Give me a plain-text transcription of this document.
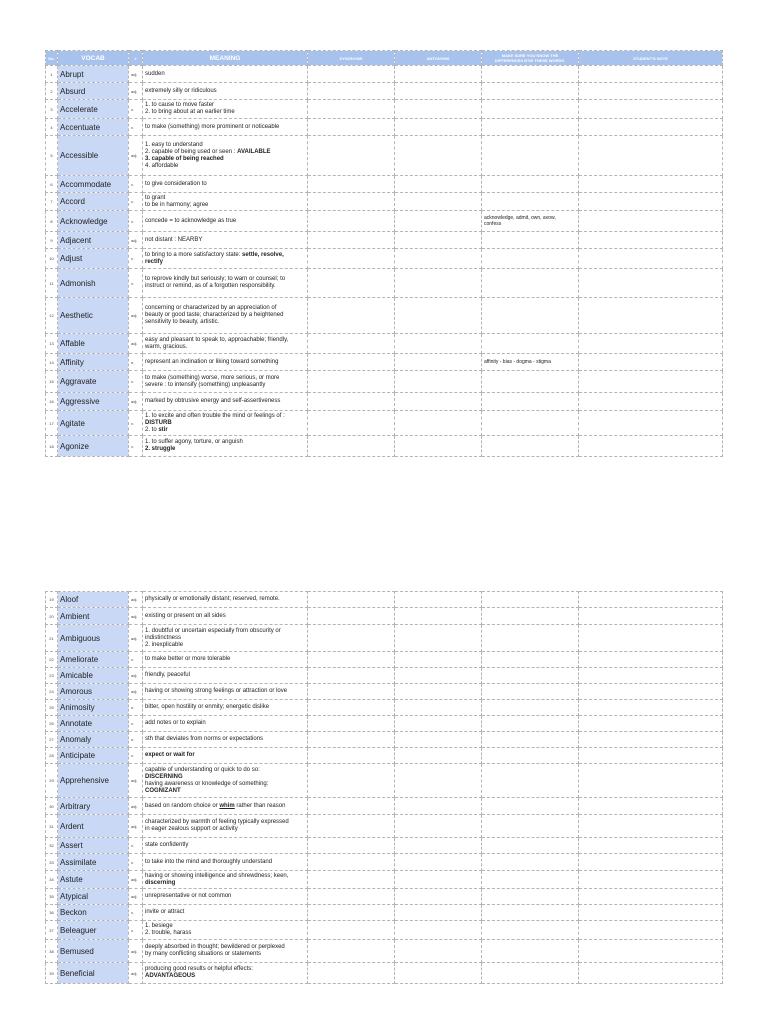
No.	VOCAB	#	MEANING	SYNONYMS	ANTONYMS	MAKE SURE YOU KNOW THE
DIFFERENCES BTW THESE WORDS.	STUDENT'S NOTE
1	Abrupt	adj.	sudden				

2	Absurd	adj.	extremely silly or ridiculous				

3	Accelerate	v.	1. to cause to move faster
2. to bring about at an earlier time				

4	Accentuate	v.	to make (something) more prominent or noticeable				

5	Accessible	adj.	1. easy to understand
2. capable of being used or seen : AVAILABLE
3. capable of being reached
4. affordable				

6	Accommodate	v.	to give consideration to				

7	Accord	v.	to grant
to be in harmony; agree				

8	Acknowledge	v.	concede = to acknowledge as true			acknowledge, admit, own, avow,
confess	

9	Adjacent	adj.	not distant : NEARBY				

10	Adjust	v.	to bring to a more satisfactory state: settle, resolve,
rectify				

11	Admonish	v.	to reprove kindly but seriously; to warn or counsel; to
instruct or remind, as of a forgotten responsibility.				

12	Aesthetic	adj.	concerning or characterized by an appreciation of
beauty or good taste; characterized by a heightened
sensitivity to beauty, artistic.				

13	Affable	adj.	easy and pleasant to speak to, approachable; friendly,
warm, gracious.				

14	Affinity	n.	represent an inclination or liking toward something			affinity - bias - dogma - stigma	

15	Aggravate	v.	to make (something) worse, more serious, or more
severe : to intensify (something) unpleasantly				

16	Aggressive	adj.	marked by obtrusive energy and self-assertiveness				

17	Agitate	v.	1. to excite and often trouble the mind or feelings of :
DISTURB
2. to stir				

18	Agonize	v.	1. to suffer agony, torture, or anguish
2. struggle				

19	Aloof	adj.	physically or emotionally distant; reserved, remote.				

20	Ambient	adj.	existing or present on all sides				

21	Ambiguous	adj.	1. doubtful or uncertain especially from obscurity or
indistinctness
2. inexplicable				

22	Ameliorate	v.	to make better or more tolerable				

23	Amicable	adj.	friendly, peaceful				

24	Amorous	adj.	having or showing strong feelings or attraction or love				

25	Animosity	n.	bitter, open hostility or enmity; energetic dislike				

26	Annotate	v.	add notes or to explain				

27	Anomaly	n.	sth that deviates from norms or expectations				

28	Anticipate	v.	expect or wait for				

29	Apprehensive	adj.	capable of understanding or quick to do so:
DISCERNING
having awareness or knowledge of something:
COGNIZANT				

30	Arbitrary	adj.	based on random choice or whim rather than reason				

31	Ardent	adj.	characterized by warmth of feeling typically expressed
in eager zealous support or activity				

32	Assert	v.	state confidently				

33	Assimilate	v.	to take into the mind and thoroughly understand				

34	Astute	adj.	having or showing intelligence and shrewdness; keen,
discerning				

35	Atypical	adj.	unrepresentative or not common				

36	Beckon	v.	invite or attract				

37	Beleaguer	v.	1. besiege
2. trouble, harass				

38	Bemused	adj.	deeply absorbed in thought; bewildered or perplexed
by many conflicting situations or statements				

39	Beneficial	adj.	producing good results or helpful effects:
ADVANTAGEOUS				
